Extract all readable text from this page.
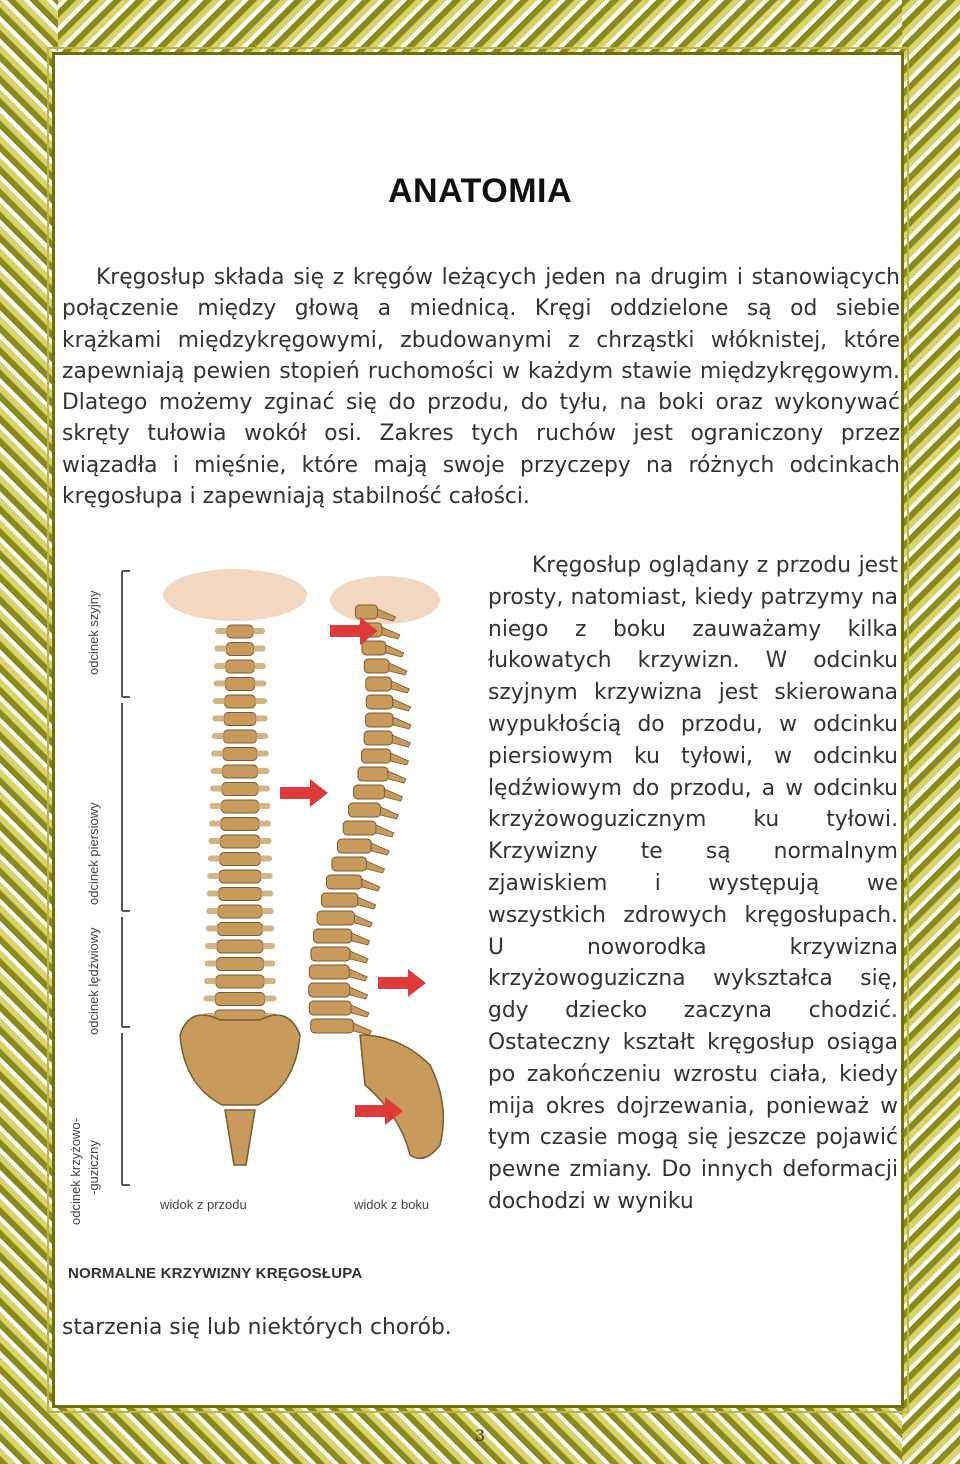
ANATOMIA

Kręgosłup składa się z kręgów leżących jeden na drugim i stanowiących połączenie między głową a miednicą. Kręgi oddzielone są od siebie krążkami międzykręgowymi, zbudowanymi z chrząstki włóknistej, które zapewniają pewien stopień ruchomości w każdym stawie międzykręgowym. Dlatego możemy zginać się do przodu, do tyłu, na boki oraz wykonywać skręty tułowia wokół osi. Zakres tych ruchów jest ograniczony przez wiązadła i mięśnie, które mają swoje przyczepy na różnych odcinkach kręgosłupa i zapewniają stabilność całości.

odcinek szyjny
odcinek piersiowy
odcinek lędźwiowy
odcinek krzyżowo- -guziczny
widok z przodu	widok z boku
NORMALNE KRZYWIZNY KRĘGOSŁUPA

Kręgosłup oglądany z przodu jest prosty, natomiast, kiedy patrzymy na niego z boku zauważamy kilka łukowatych krzywizn. W odcinku szyjnym krzywizna jest skierowana wypukłością do przodu, w odcinku piersiowym ku tyłowi, w odcinku lędźwiowym do przodu, a w odcinku krzyżowoguzicznym ku tyłowi. Krzywizny te są normalnym zjawiskiem i występują we wszystkich zdrowych kręgosłupach. U noworodka krzywizna krzyżowoguziczna wykształca się, gdy dziecko zaczyna chodzić. Ostateczny kształt kręgosłup osiąga po zakończeniu wzrostu ciała, kiedy mija okres dojrzewania, ponieważ w tym czasie mogą się jeszcze pojawić pewne zmiany. Do innych deformacji dochodzi w wyniku

starzenia się lub niektórych chorób.

3
